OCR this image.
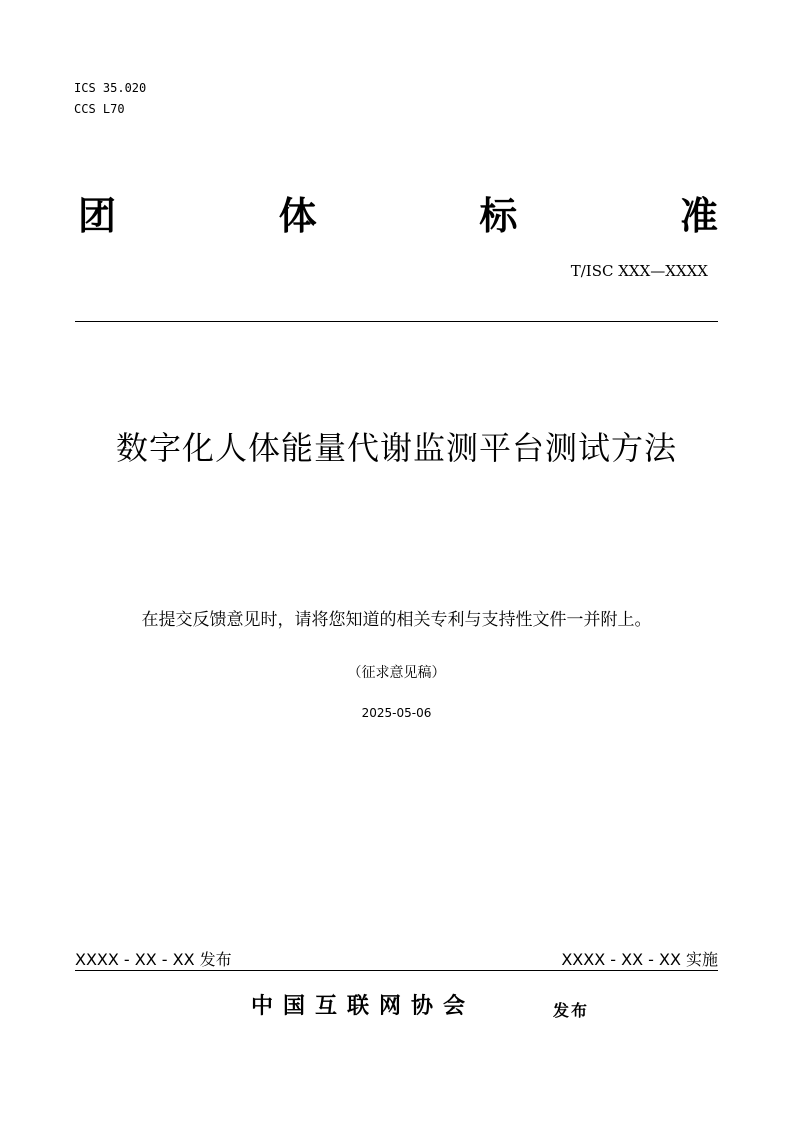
ICS 35.020
CCS L70
团	体	标	准
T/ISC XXX—XXXX
数字化人体能量代谢监测平台测试方法
在提交反馈意见时，请将您知道的相关专利与支持性文件一并附上。
（征求意见稿）
2025-05-06
XXXX - XX - XX 发布	XXXX - XX - XX 实施
中国互联网协会	发布
